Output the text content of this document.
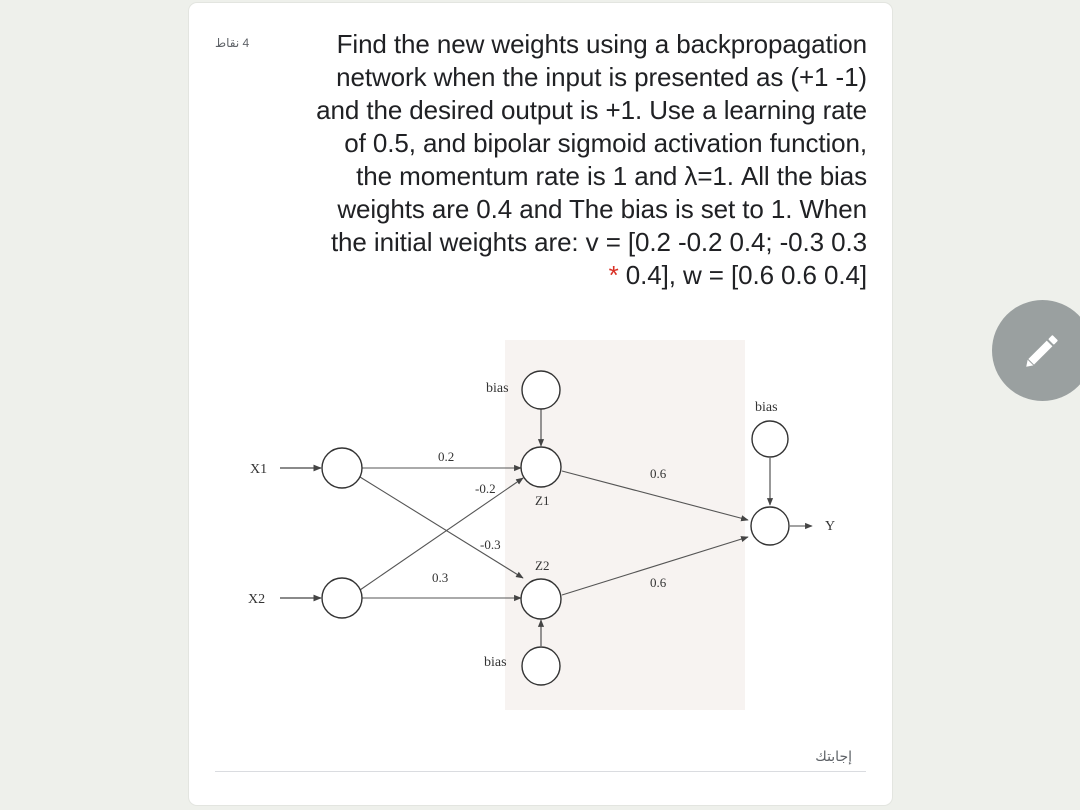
4 نقاط	Find the new weights using a backpropagation
network when the input is presented as (+1 -1)
and the desired output is +1. Use a learning rate
of 0.5, and bipolar sigmoid activation function,
the momentum rate is 1 and λ=1. All the bias
weights are 0.4 and The bias is set to 1. When
the initial weights are: v = [0.2 -0.2 0.4; -0.3 0.3
* 0.4], w = [0.6 0.6 0.4]
X1
X2
bias
bias
bias
Z1
Z2
Y
0.2
-0.2
-0.3
0.3
0.6
0.6
إجابتك
